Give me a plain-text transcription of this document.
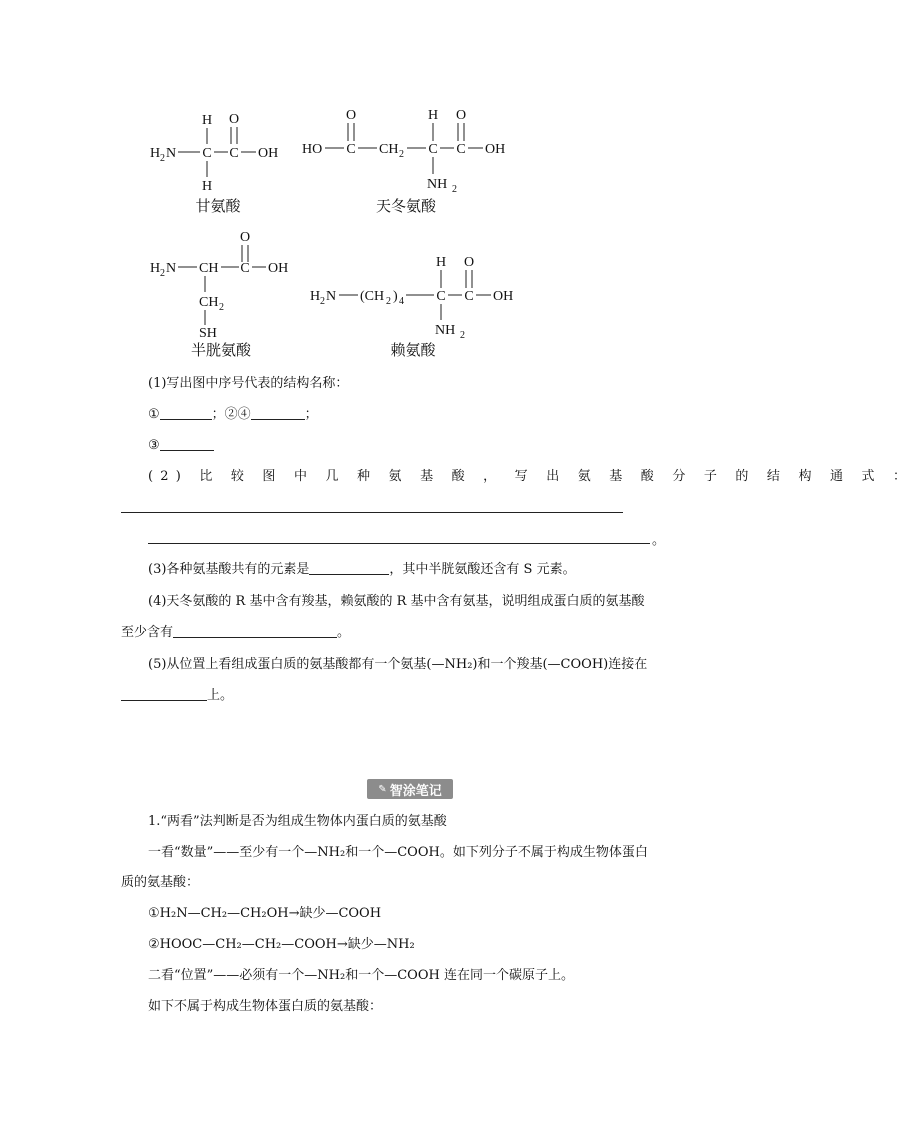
H O
H 2 N C C OH
H
甘氨酸
O	H O
HO C CH 2 C C OH
NH 2
天冬氨酸
O
H 2 N CH C OH
CH 2
SH
半胱氨酸
H O
H 2 N (CH 2 ) 4 C C OH
NH 2
赖氨酸
(1)写出图中序号代表的结构名称：
①	；②④	；
③
(2) 比 较 图 中 几 种 氨 基 酸 ， 写 出 氨 基 酸 分 子 的 结 构 通 式 ：
。
(3)各种氨基酸共有的元素是	，其中半胱氨酸还含有 S 元素。
(4)天冬氨酸的 R 基中含有羧基，赖氨酸的 R 基中含有氨基，说明组成蛋白质的氨基酸
至少含有	。
(5)从位置上看组成蛋白质的氨基酸都有一个氨基(—NH₂)和一个羧基(—COOH)连接在
上。
✎ 智涂笔记
1.“两看”法判断是否为组成生物体内蛋白质的氨基酸
一看“数量”——至少有一个—NH₂和一个—COOH。如下列分子不属于构成生物体蛋白
质的氨基酸：
①H₂N—CH₂—CH₂OH→缺少—COOH
②HOOC—CH₂—CH₂—COOH→缺少—NH₂
二看“位置”——必须有一个—NH₂和一个—COOH 连在同一个碳原子上。
如下不属于构成生物体蛋白质的氨基酸：
